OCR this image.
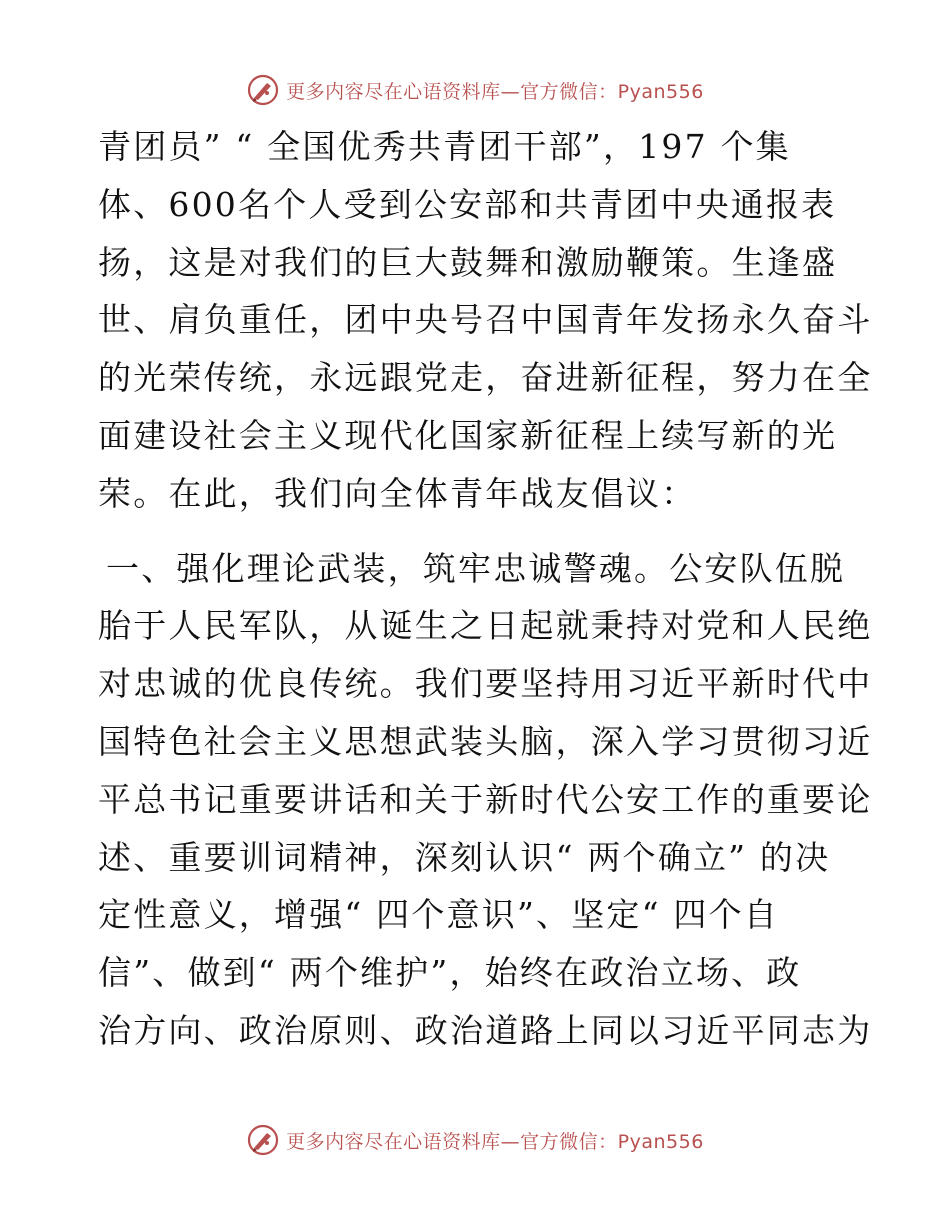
更多内容尽在心语资料库—官方微信：Pyan556
青团员” “ 全国优秀共青团干部”，197 个集
体、600名个人受到公安部和共青团中央通报表
扬，这是对我们的巨大鼓舞和激励鞭策。生逢盛
世、肩负重任，团中央号召中国青年发扬永久奋斗
的光荣传统，永远跟党走，奋进新征程，努力在全
面建设社会主义现代化国家新征程上续写新的光
荣。在此，我们向全体青年战友倡议：
一、强化理论武装，筑牢忠诚警魂。公安队伍脱
胎于人民军队，从诞生之日起就秉持对党和人民绝
对忠诚的优良传统。我们要坚持用习近平新时代中
国特色社会主义思想武装头脑，深入学习贯彻习近
平总书记重要讲话和关于新时代公安工作的重要论
述、重要训词精神，深刻认识“ 两个确立” 的决
定性意义，增强“ 四个意识”、坚定“ 四个自
信”、做到“ 两个维护”，始终在政治立场、政
治方向、政治原则、政治道路上同以习近平同志为
更多内容尽在心语资料库—官方微信：Pyan556
